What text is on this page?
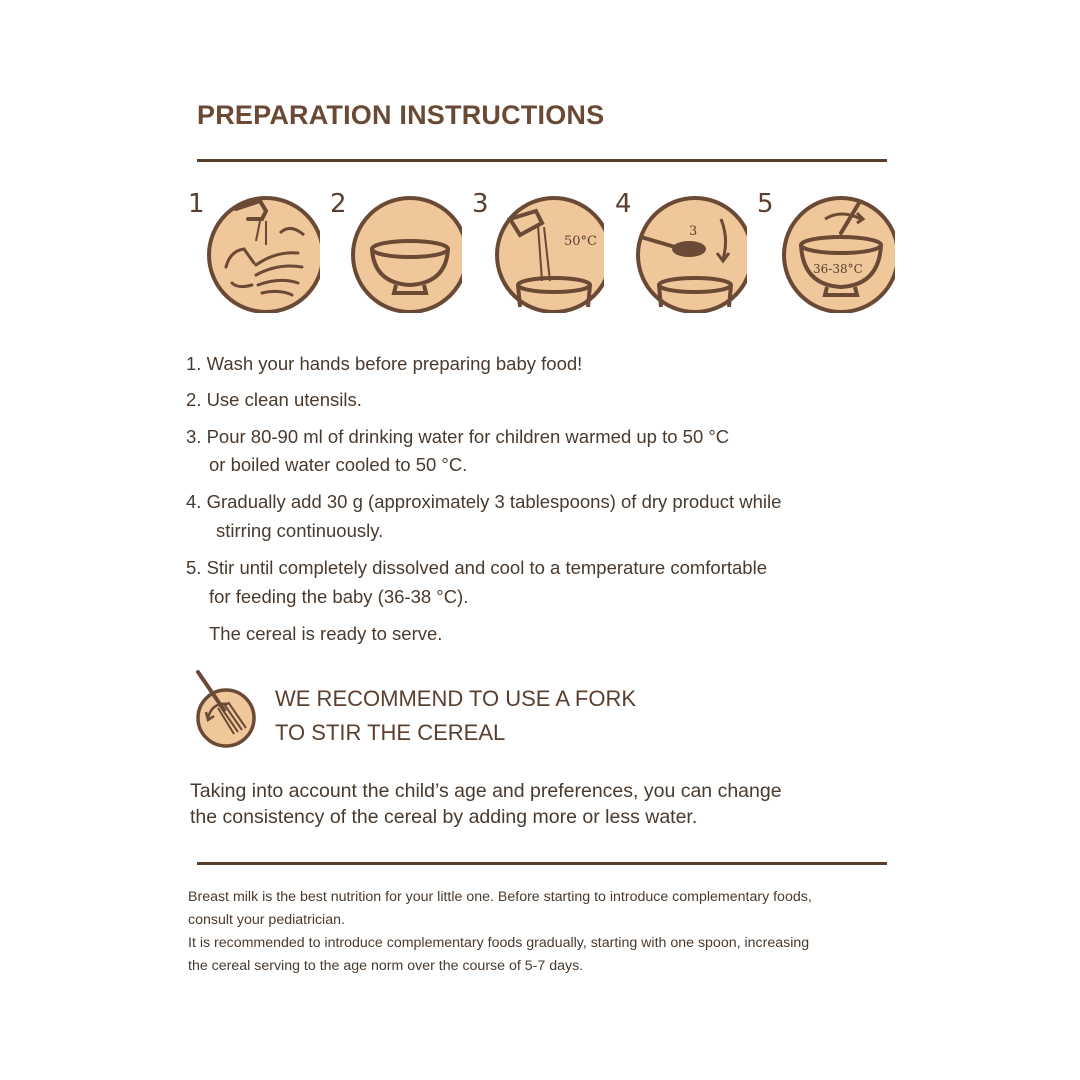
PREPARATION INSTRUCTIONS
1	2	3
50°C
4
3
5
36-38°C
1. Wash your hands before preparing baby food!
2. Use clean utensils.
3. Pour 80-90 ml of drinking water for children warmed up to 50 °C
or boiled water cooled to 50 °C.
4. Gradually add 30 g (approximately 3 tablespoons) of dry product while
stirring continuously.
5. Stir until completely dissolved and cool to a temperature comfortable
for feeding the baby (36-38 °C).
The cereal is ready to serve.
WE RECOMMEND TO USE A FORK
TO STIR THE CEREAL
Taking into account the child’s age and preferences, you can change
the consistency of the cereal by adding more or less water.
Breast milk is the best nutrition for your little one. Before starting to introduce complementary foods,
consult your pediatrician.
It is recommended to introduce complementary foods gradually, starting with one spoon, increasing
the cereal serving to the age norm over the course of 5-7 days.
